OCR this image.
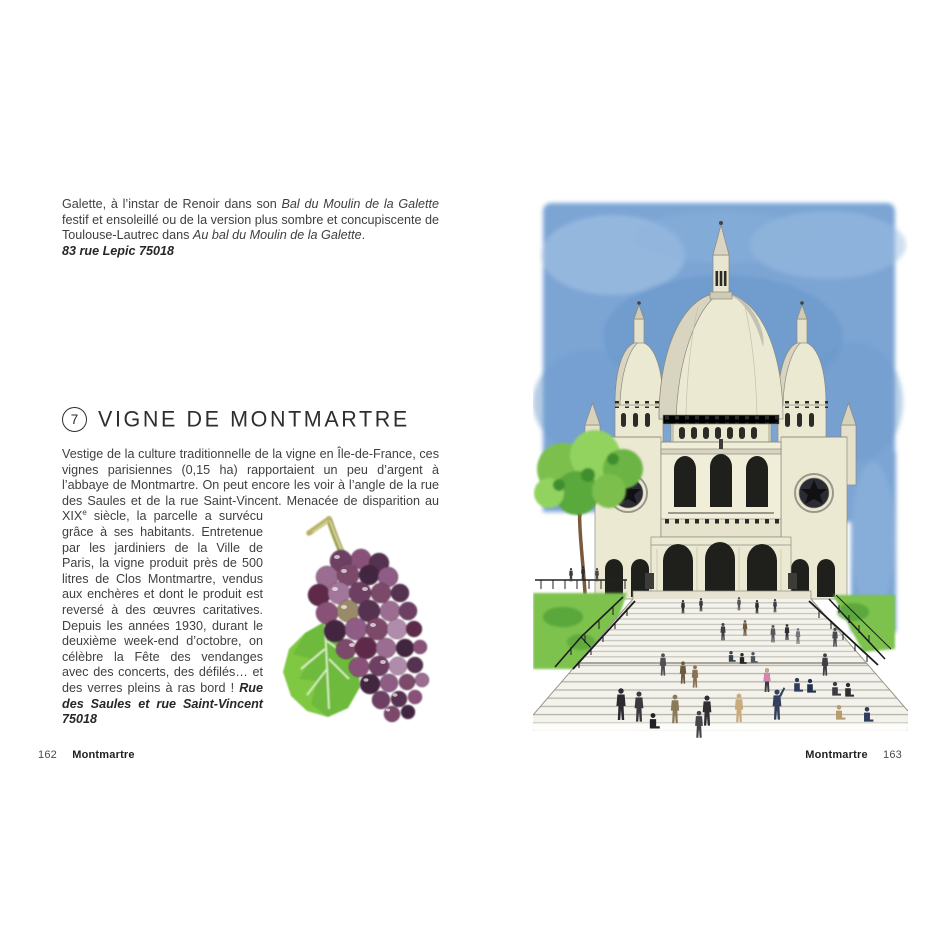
Galette, à l’instar de Renoir dans son Bal du Moulin de la Galette festif et ensoleillé ou de la version plus sombre et concupiscente de Toulouse-Lautrec dans Au bal du Moulin de la Galette.
83 rue Lepic 75018
7 VIGNE DE MONTMARTRE
Vestige de la culture traditionnelle de la vigne en Île-de-France, ces vignes parisiennes (0,15 ha) rapportaient un peu d’argent à l’abbaye de Montmartre. On peut encore les voir à l’angle de la rue des Saules et de la rue Saint-Vincent. Menacée
de disparition au XIXe siècle, la parcelle a survécu grâce à ses habitants. Entretenue par les jardiniers de la Ville de Paris, la vigne produit près de 500 litres de Clos Montmartre, vendus aux enchères et dont le produit est reversé à des œuvres caritatives. Depuis les années 1930, durant le deuxième week-end d’octobre, on célèbre la Fête des vendanges avec des concerts, des défilés… et des verres pleins à ras bord ! Rue des Saules et rue Saint-Vincent 75018
162 Montmartre	Montmartre 163
